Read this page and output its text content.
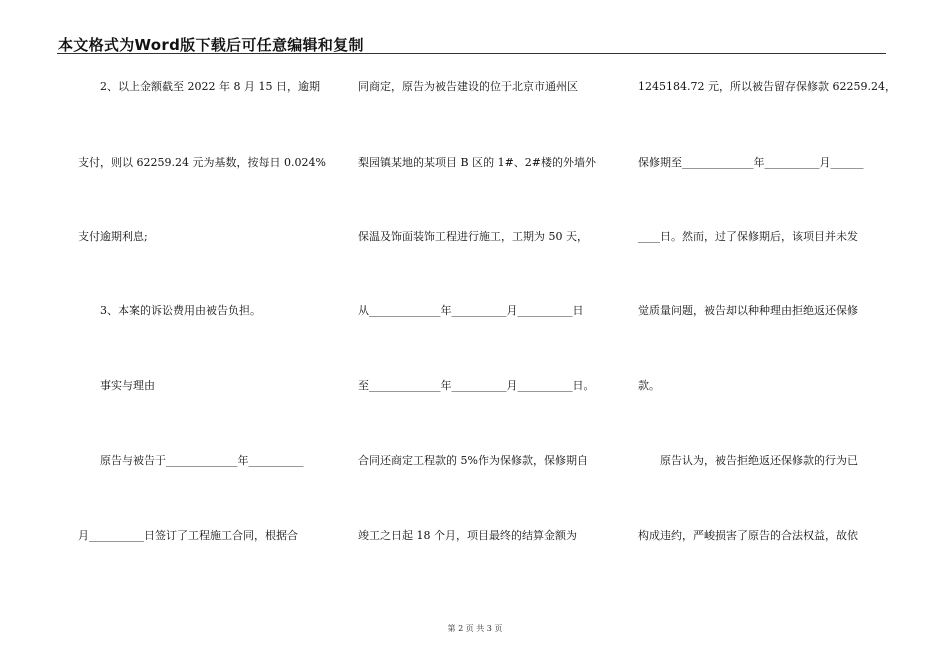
本文格式为Word版下载后可任意编辑和复制
2、以上金额截至 2022 年 8 月 15 日，逾期
支付，则以 62259.24 元为基数，按每日 0.024%
支付逾期利息;
3、本案的诉讼费用由被告负担。
事实与理由
原告与被告于_____________年__________
月__________日签订了工程施工合同，根据合
同商定，原告为被告建设的位于北京市通州区
梨园镇某地的某项目 B 区的 1#、2#楼的外墙外
保温及饰面装饰工程进行施工，工期为 50 天，
从_____________年__________月__________日
至_____________年__________月__________日。
合同还商定工程款的 5%作为保修款，保修期自
竣工之日起 18 个月，项目最终的结算金额为
1245184.72 元，所以被告留存保修款 62259.24，
保修期至_____________年__________月______
____日。然而，过了保修期后，该项目并未发
觉质量问题，被告却以种种理由拒绝返还保修
款。
原告认为，被告拒绝返还保修款的行为已
构成违约，严峻损害了原告的合法权益，故依
第 2 页 共 3 页
